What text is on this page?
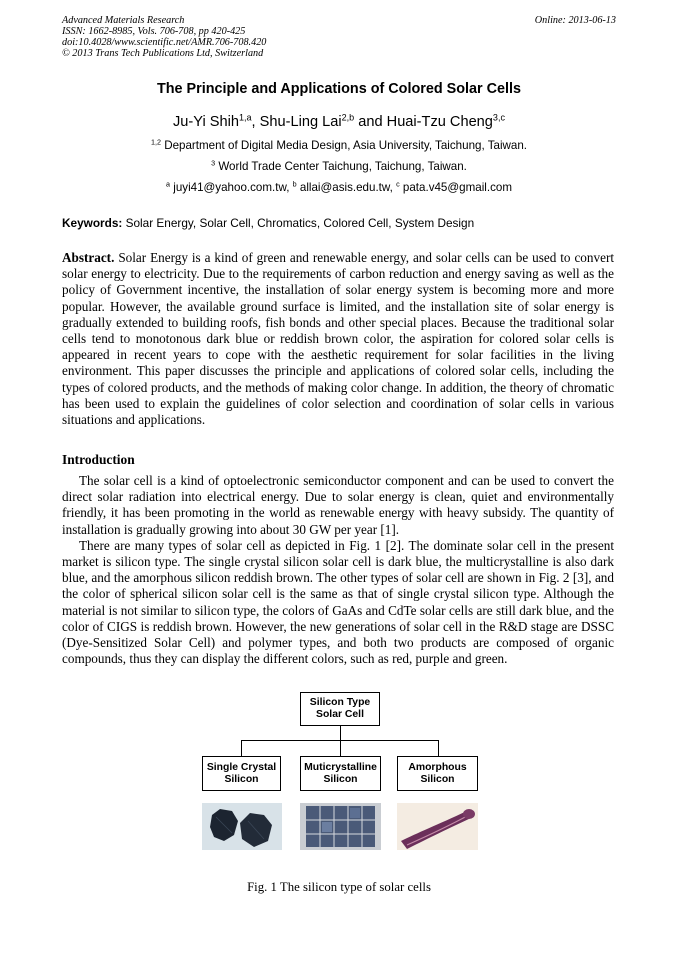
Advanced Materials Research
ISSN: 1662-8985, Vols. 706-708, pp 420-425
doi:10.4028/www.scientific.net/AMR.706-708.420
© 2013 Trans Tech Publications Ltd, Switzerland
Online: 2013-06-13
The Principle and Applications of Colored Solar Cells
Ju-Yi Shih$^{1,a}$, Shu-Ling Lai$^{2,b}$ and Huai-Tzu Cheng$^{3,c}$
$^{1,2}$ Department of Digital Media Design, Asia University, Taichung, Taiwan.
$^3$ World Trade Center Taichung, Taichung, Taiwan.
$^a$ juyi41@yahoo.com.tw, $^b$ allai@asis.edu.tw, $^c$ pata.v45@gmail.com
Keywords: Solar Energy, Solar Cell, Chromatics, Colored Cell, System Design

Abstract. Solar Energy is a kind of green and renewable energy, and solar cells can be used to convert solar energy to electricity. Due to the requirements of carbon reduction and energy saving as well as the policy of Government incentive, the installation of solar energy system is becoming more and more popular. However, the available ground surface is limited, and the installation site of solar energy is gradually extended to building roofs, fish bonds and other special places. Because the traditional solar cells tend to monotonous dark blue or reddish brown color, the aspiration for colored solar cells is appeared in recent years to cope with the aesthetic requirement for solar facilities in the living environment. This paper discusses the principle and applications of colored solar cells, including the types of colored products, and the methods of making color change. In addition, the theory of chromatic has been used to explain the guidelines of color selection and coordination of solar cells in various situations and applications.

Introduction

The solar cell is a kind of optoelectronic semiconductor component and can be used to convert the direct solar radiation into electrical energy. Due to solar energy is clean, quiet and environmentally friendly, it has been promoting in the world as renewable energy with heavy subsidy. The quantity of installation is gradually growing into about 30 GW per year [1].

There are many types of solar cell as depicted in Fig. 1 [2]. The dominate solar cell in the present market is silicon type. The single crystal silicon solar cell is dark blue, the multicrystalline is also dark blue, and the amorphous silicon reddish brown. The other types of solar cell are shown in Fig. 2 [3], and the color of spherical silicon solar cell is the same as that of single crystal silicon type. Although the material is not similar to silicon type, the colors of GaAs and CdTe solar cells are still dark blue, and the color of CIGS is reddish brown. However, the new generations of solar cell in the R&D stage are DSSC (Dye-Sensitized Solar Cell) and polymer types, and both two products are composed of organic compounds, thus they can display the different colors, such as red, purple and green.

Silicon Type
Solar Cell
Single Crystal
Silicon
Muticrystalline
Silicon
Amorphous
Silicon
Fig. 1 The silicon type of solar cells
